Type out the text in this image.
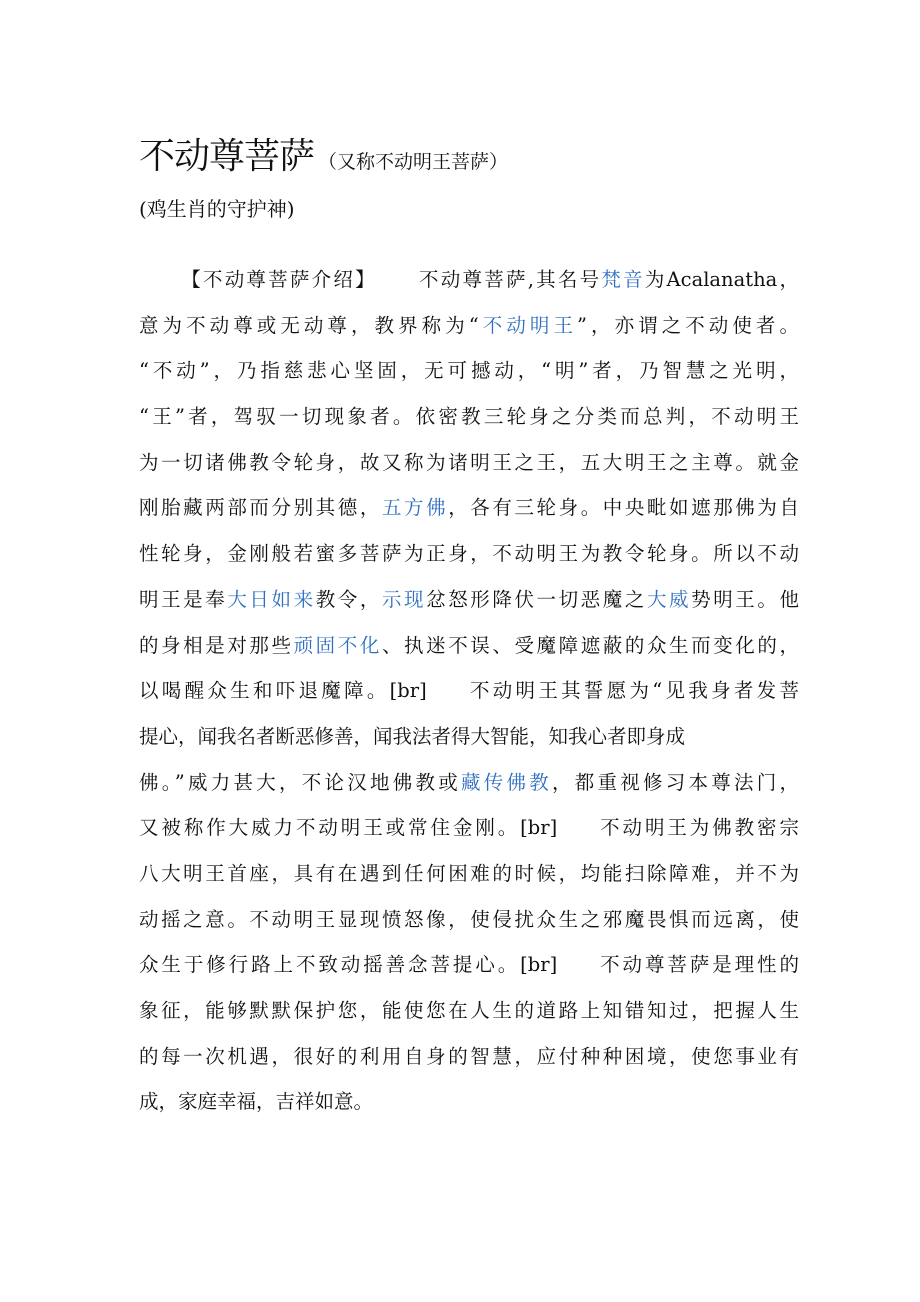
不动尊菩萨 （又称不动明王菩萨）
(鸡生肖的守护神)
【不动尊菩萨介绍】 不动尊菩萨,其名号梵音为Acalanatha，
意为不动尊或无动尊，教界称为“不动明王”，亦谓之不动使者。
“不动”，乃指慈悲心坚固，无可撼动，“明”者，乃智慧之光明，
“王”者，驾驭一切现象者。依密教三轮身之分类而总判，不动明王
为一切诸佛教令轮身，故又称为诸明王之王，五大明王之主尊。就金
刚胎藏两部而分别其德，五方佛，各有三轮身。中央毗如遮那佛为自
性轮身，金刚般若蜜多菩萨为正身，不动明王为教令轮身。所以不动
明王是奉大日如来教令，示现忿怒形降伏一切恶魔之大威势明王。他
的身相是对那些顽固不化、执迷不误、受魔障遮蔽的众生而变化的，
以喝醒众生和吓退魔障。[br] 不动明王其誓愿为“见我身者发菩
提心，闻我名者断恶修善，闻我法者得大智能，知我心者即身成
佛。”威力甚大，不论汉地佛教或藏传佛教，都重视修习本尊法门，
又被称作大威力不动明王或常住金刚。[br] 不动明王为佛教密宗
八大明王首座，具有在遇到任何困难的时候，均能扫除障难，并不为
动摇之意。不动明王显现愤怒像，使侵扰众生之邪魔畏惧而远离，使
众生于修行路上不致动摇善念菩提心。[br] 不动尊菩萨是理性的
象征，能够默默保护您，能使您在人生的道路上知错知过，把握人生
的每一次机遇，很好的利用自身的智慧，应付种种困境，使您事业有
成，家庭幸福，吉祥如意。
